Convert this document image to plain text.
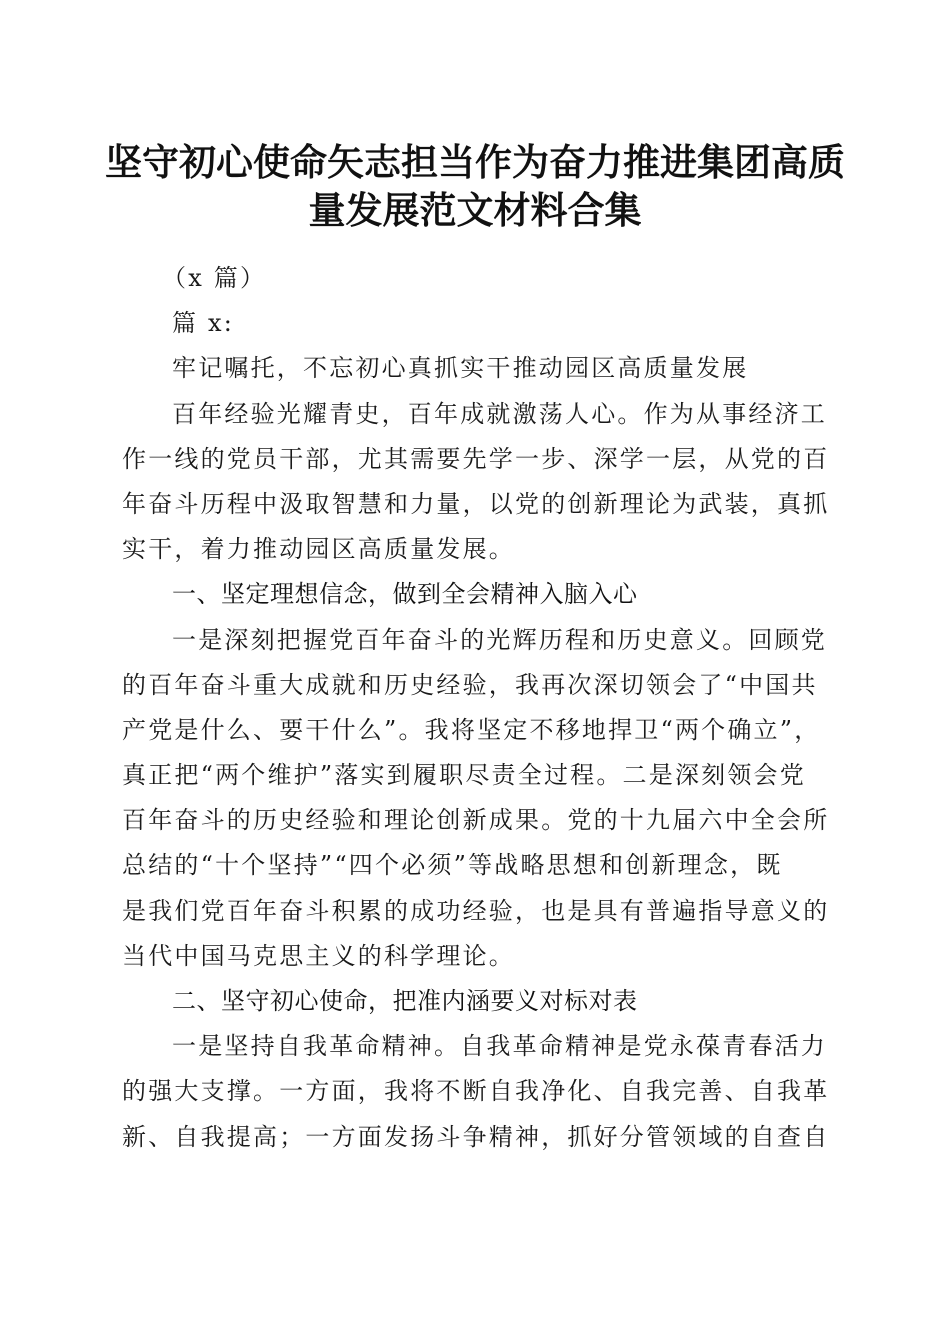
坚守初心使命矢志担当作为奋力推进集团高质
量发展范文材料合集
（x 篇）
篇 x:
牢记嘱托，不忘初心真抓实干推动园区高质量发展
百年经验光耀青史，百年成就激荡人心。作为从事经济工
作一线的党员干部，尤其需要先学一步、深学一层，从党的百
年奋斗历程中汲取智慧和力量，以党的创新理论为武装，真抓
实干，着力推动园区高质量发展。
一、坚定理想信念，做到全会精神入脑入心
一是深刻把握党百年奋斗的光辉历程和历史意义。回顾党
的百年奋斗重大成就和历史经验，我再次深切领会了“中国共
产党是什么、要干什么”。我将坚定不移地捍卫“两个确立”，
真正把“两个维护”落实到履职尽责全过程。二是深刻领会党
百年奋斗的历史经验和理论创新成果。党的十九届六中全会所
总结的“十个坚持”“四个必须”等战略思想和创新理念，既
是我们党百年奋斗积累的成功经验，也是具有普遍指导意义的
当代中国马克思主义的科学理论。
二、坚守初心使命，把准内涵要义对标对表
一是坚持自我革命精神。自我革命精神是党永葆青春活力
的强大支撑。一方面，我将不断自我净化、自我完善、自我革
新、自我提高；一方面发扬斗争精神，抓好分管领域的自查自
